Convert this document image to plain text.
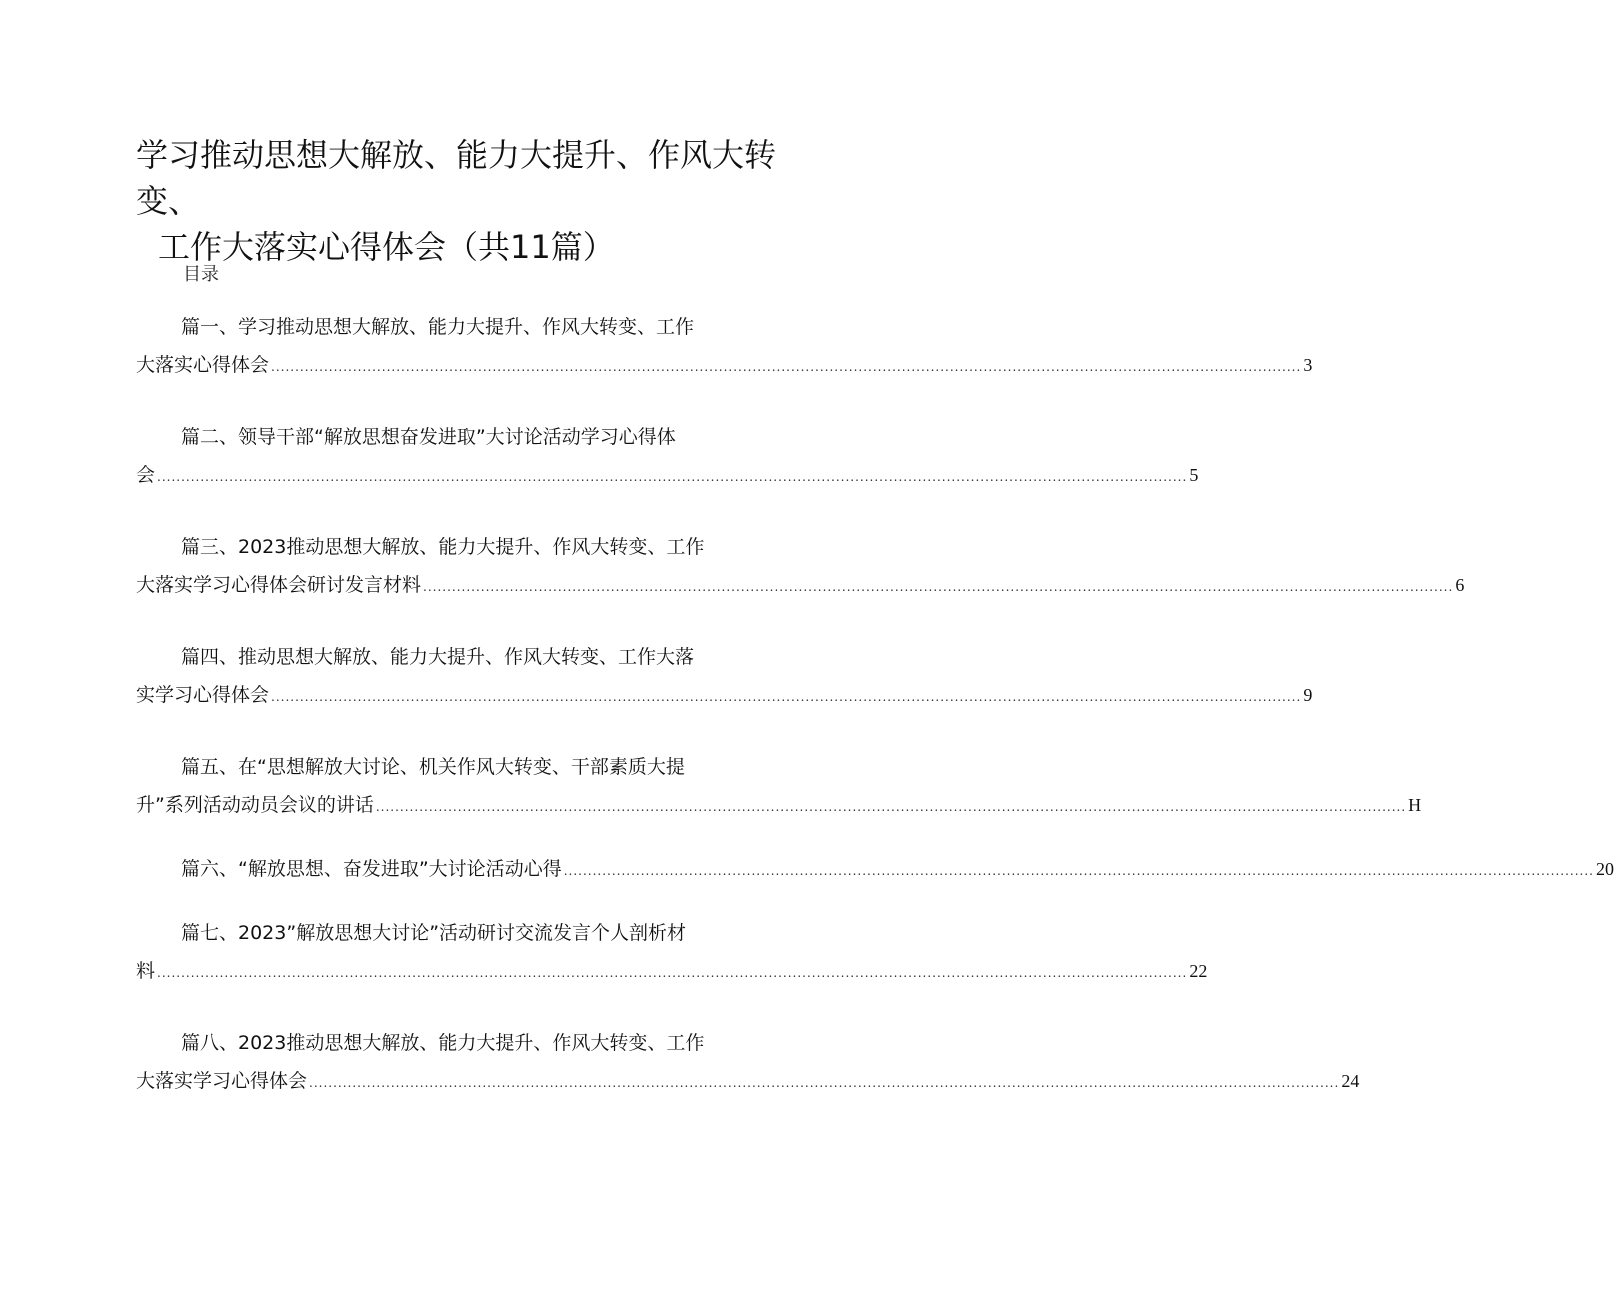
学习推动思想大解放、能力大提升、作风大转变、
工作大落实心得体会（共11篇）
目录
篇一、学习推动思想大解放、能力大提升、作风大转变、工作
大落实心得体会 ...................................................................................................................................................................................................................... 3
篇二、领导干部“解放思想奋发进取”大讨论活动学习心得体
会 ...................................................................................................................................................................................................................... 5
篇三、2023推动思想大解放、能力大提升、作风大转变、工作
大落实学习心得体会研讨发言材料 ...................................................................................................................................................................................................................... 6
篇四、推动思想大解放、能力大提升、作风大转变、工作大落
实学习心得体会 ...................................................................................................................................................................................................................... 9
篇五、在“思想解放大讨论、机关作风大转变、干部素质大提
升”系列活动动员会议的讲话 ...................................................................................................................................................................................................................... H
篇六、“解放思想、奋发进取”大讨论活动心得 ...................................................................................................................................................................................................................... 20
篇七、2023”解放思想大讨论”活动研讨交流发言个人剖析材
料 ...................................................................................................................................................................................................................... 22
篇八、2023推动思想大解放、能力大提升、作风大转变、工作
大落实学习心得体会 ...................................................................................................................................................................................................................... 24
